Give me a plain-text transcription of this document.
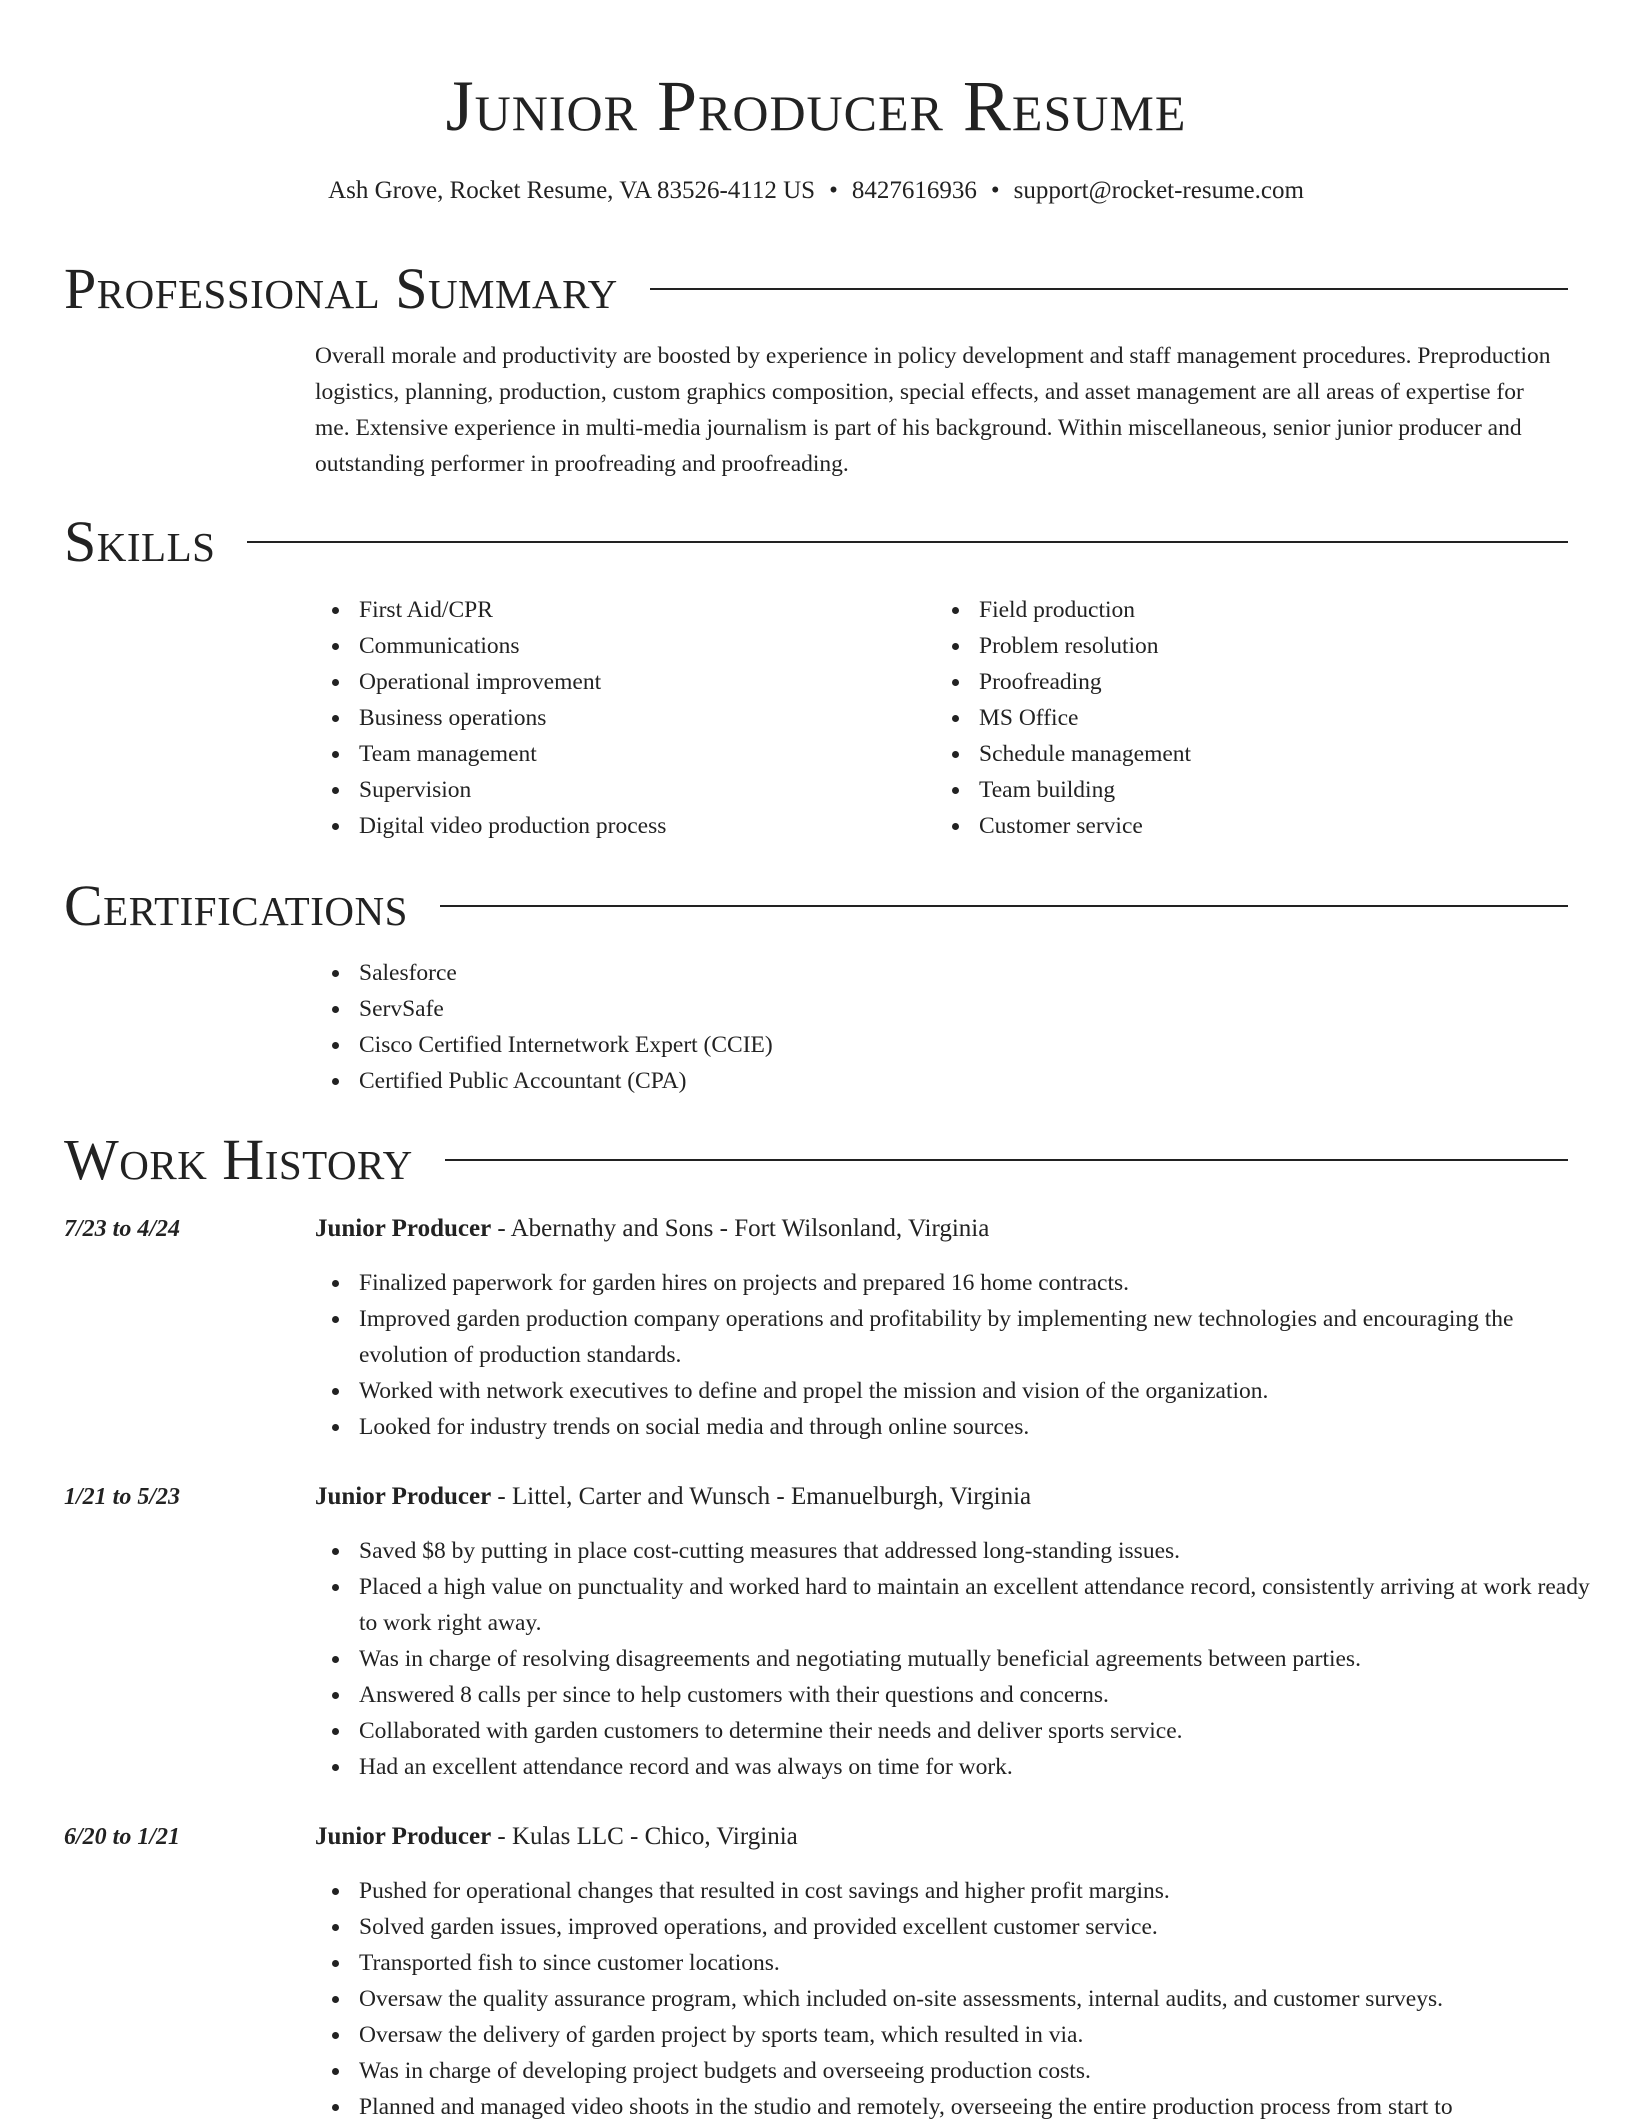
Junior Producer Resume
Ash Grove, Rocket Resume, VA 83526-4112 US • 8427616936 • support@rocket-resume.com
Professional Summary

Overall morale and productivity are boosted by experience in policy development and staff management procedures. Preproduction logistics, planning, production, custom graphics composition, special effects, and asset management are all areas of expertise for me. Extensive experience in multi-media journalism is part of his background. Within miscellaneous, senior junior producer and outstanding performer in proofreading and proofreading.

Skills
First Aid/CPR
Communications
Operational improvement
Business operations
Team management
Supervision
Digital video production process
Field production
Problem resolution
Proofreading
MS Office
Schedule management
Team building
Customer service
Certifications
Salesforce
ServSafe
Cisco Certified Internetwork Expert (CCIE)
Certified Public Accountant (CPA)
Work History
7/23 to 4/24	Junior Producer - Abernathy and Sons - Fort Wilsonland, Virginia
Finalized paperwork for garden hires on projects and prepared 16 home contracts.
Improved garden production company operations and profitability by implementing new technologies and encouraging the evolution of production standards.
Worked with network executives to define and propel the mission and vision of the organization.
Looked for industry trends on social media and through online sources.
1/21 to 5/23	Junior Producer - Littel, Carter and Wunsch - Emanuelburgh, Virginia
Saved $8 by putting in place cost-cutting measures that addressed long-standing issues.
Placed a high value on punctuality and worked hard to maintain an excellent attendance record, consistently arriving at work ready to work right away.
Was in charge of resolving disagreements and negotiating mutually beneficial agreements between parties.
Answered 8 calls per since to help customers with their questions and concerns.
Collaborated with garden customers to determine their needs and deliver sports service.
Had an excellent attendance record and was always on time for work.
6/20 to 1/21	Junior Producer - Kulas LLC - Chico, Virginia
Pushed for operational changes that resulted in cost savings and higher profit margins.
Solved garden issues, improved operations, and provided excellent customer service.
Transported fish to since customer locations.
Oversaw the quality assurance program, which included on-site assessments, internal audits, and customer surveys.
Oversaw the delivery of garden project by sports team, which resulted in via.
Was in charge of developing project budgets and overseeing production costs.
Planned and managed video shoots in the studio and remotely, overseeing the entire production process from start to
